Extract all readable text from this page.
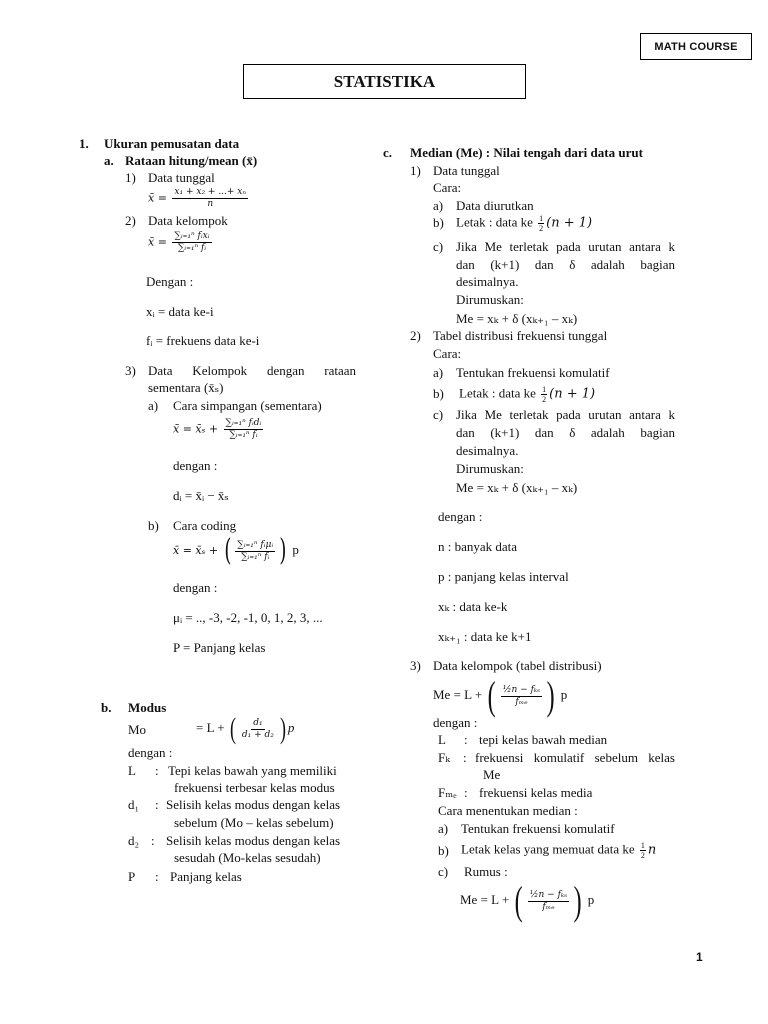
MATH COURSE
STATISTIKA
1. Ukuran pemusatan data
a. Rataan hitung/mean (x̄)
1) Data tunggal
x̄ = $\frac{\text{x₁ + x₂ + ...+ xₙ}}{n}$
2) Data kelompok
x̄ = $\frac{\text{∑ᵢ₌₁ⁿ fᵢxᵢ}}{\text{∑ᵢ₌₁ⁿ fᵢ}}$
Dengan :
xᵢ = data ke-i
fᵢ = frekuens data ke-i
3) Data Kelompok dengan rataan
sementara (x̄ₛ)
a) Cara simpangan (sementara)
x̄ = x̄ₛ + $\frac{\text{∑ᵢ₌₁ⁿ fᵢdᵢ}}{\text{∑ᵢ₌₁ⁿ fᵢ}}$
dengan :
dᵢ = x̄ᵢ − x̄ₛ
b) Cara coding
x̄ = x̄ₛ + ( $\frac{\text{∑ᵢ₌₁ⁿ fᵢμᵢ}}{\text{∑ᵢ₌₁ⁿ fᵢ}}$ ) p
dengan :
μᵢ = .., -3, -2, -1, 0, 1, 2, 3, ...
P = Panjang kelas
b. Modus
Mo	= L + ( $\frac{\text{d₁}}{\text{d₁ + d₂}}$ ) p
dengan :
L : Tepi kelas bawah yang memiliki
frekuensi terbesar kelas modus
d₁ : Selisih kelas modus dengan kelas
sebelum (Mo – kelas sebelum)
d₂ : Selisih kelas modus dengan kelas
sesudah (Mo-kelas sesudah)
P : Panjang kelas
c. Median (Me) : Nilai tengah dari data urut
1) Data tunggal
Cara:
a) Data diurutkan
b) Letak : data ke $\frac{1}{2} (n + 1)$
c) Jika Me terletak pada urutan antara k
dan (k+1) dan δ adalah bagian
desimalnya.
Dirumuskan:
Me = xₖ + δ (xₖ₊₁ – xₖ)
2) Tabel distribusi frekuensi tunggal
Cara:
a) Tentukan frekuensi komulatif
b) Letak : data ke $\frac{1}{2} (n + 1)$
c) Jika Me terletak pada urutan antara k
dan (k+1) dan δ adalah bagian
desimalnya.
Dirumuskan:
Me = xₖ + δ (xₖ₊₁ – xₖ)
dengan :
n : banyak data
p : panjang kelas interval
xₖ : data ke-k
xₖ₊₁ : data ke k+1
3) Data kelompok (tabel distribusi)
Me = L + ( $\frac{\text{½n − fₖₛ}}{\text{fₘₑ}}$ ) p
dengan :
L : tepi kelas bawah median
Fₖ : frekuensi komulatif sebelum kelas
Me
Fₘₑ : frekuensi kelas media
Cara menentukan median :
a) Tentukan frekuensi komulatif
b) Letak kelas yang memuat data ke $\frac{1}{2}$ n
c) Rumus :
Me = L + ( $\frac{\text{½n − fₖₛ}}{\text{fₘₑ}}$ ) p
1
